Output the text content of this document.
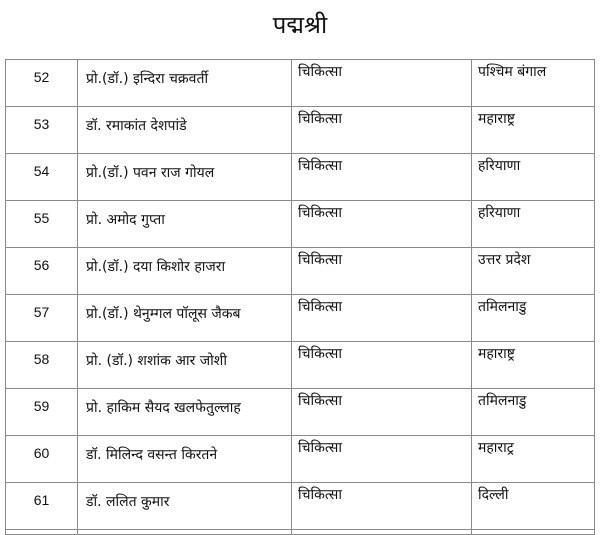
पद्मश्री
52	प्रो.(डॉ.) इन्दिरा चक्रवर्ती	चिकित्सा	पश्चिम बंगाल
53	डॉ. रमाकांत देशपांडे	चिकित्सा	महाराष्ट्र
54	प्रो.(डॉ.) पवन राज गोयल	चिकित्सा	हरियाणा
55	प्रो. अमोद गुप्ता	चिकित्सा	हरियाणा
56	प्रो.(डॉ.) दया किशोर हाजरा	चिकित्सा	उत्तर प्रदेश
57	प्रो.(डॉ.) थेनुम्गल पॉलूस जैकब	चिकित्सा	तमिलनाडु
58	प्रो. (डॉ.) शशांक आर जोशी	चिकित्सा	महाराष्ट्र
59	प्रो. हाकिम सैयद खलफेतुल्लाह	चिकित्सा	तमिलनाडु
60	डॉ. मिलिन्द वसन्त किरतने	चिकित्सा	महाराट्र
61	डॉ. ललित कुमार	चिकित्सा	दिल्ली
